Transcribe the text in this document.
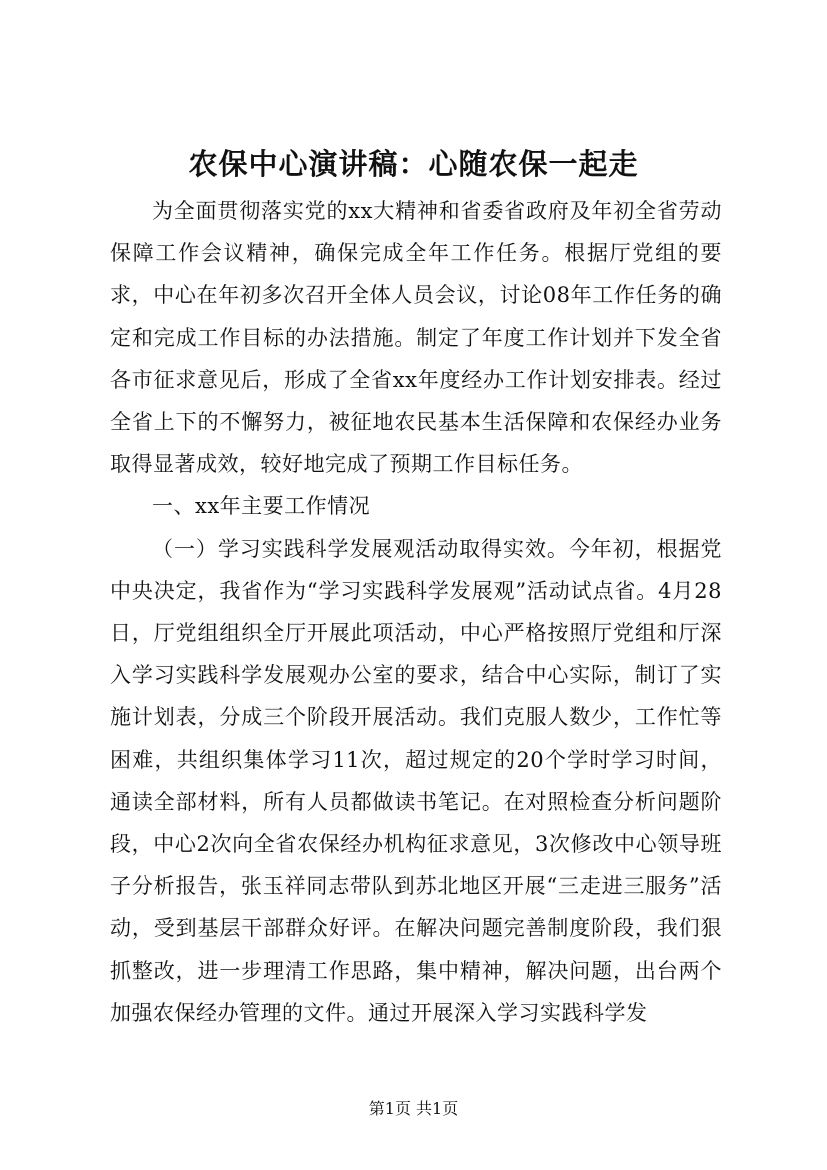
农保中心演讲稿：心随农保一起走

为全面贯彻落实党的xx大精神和省委省政府及年初全省劳动保障工作会议精神，确保完成全年工作任务。根据厅党组的要求，中心在年初多次召开全体人员会议，讨论08年工作任务的确定和完成工作目标的办法措施。制定了年度工作计划并下发全省各市征求意见后，形成了全省xx年度经办工作计划安排表。经过全省上下的不懈努力，被征地农民基本生活保障和农保经办业务取得显著成效，较好地完成了预期工作目标任务。

一、xx年主要工作情况

（一）学习实践科学发展观活动取得实效。今年初，根据党中央决定，我省作为“学习实践科学发展观”活动试点省。4月28日，厅党组组织全厅开展此项活动，中心严格按照厅党组和厅深入学习实践科学发展观办公室的要求，结合中心实际，制订了实施计划表，分成三个阶段开展活动。我们克服人数少，工作忙等困难，共组织集体学习11次，超过规定的20个学时学习时间，通读全部材料，所有人员都做读书笔记。在对照检查分析问题阶段，中心2次向全省农保经办机构征求意见，3次修改中心领导班子分析报告，张玉祥同志带队到苏北地区开展“三走进三服务”活动，受到基层干部群众好评。在解决问题完善制度阶段，我们狠抓整改，进一步理清工作思路，集中精神，解决问题，出台两个加强农保经办管理的文件。通过开展深入学习实践科学发

第1页 共1页
